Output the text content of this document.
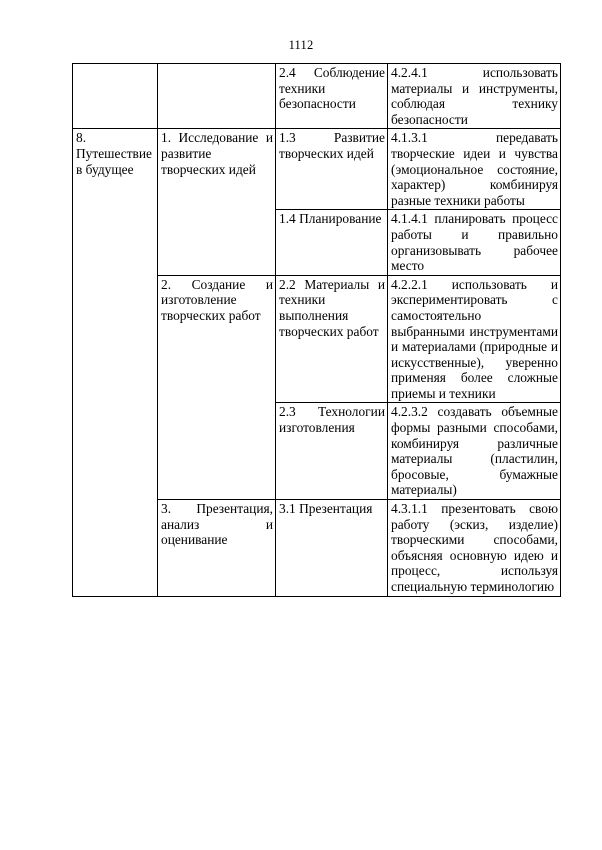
1112
		2.4 Соблюдение техники безопасности	4.2.4.1 использовать материалы и инструменты, соблюдая технику безопасности
8. Путешествие в будущее	1. Исследование и развитие творческих идей	1.3 Развитие творческих идей	4.1.3.1 передавать творческие идеи и чувства (эмоциональное состояние, характер) комбинируя разные техники работы
		1.4 Планирование	4.1.4.1 планировать процесс работы и правильно организовывать рабочее место
	2. Создание и изготовление творческих работ	2.2 Материалы и техники выполнения творческих работ	4.2.2.1 использовать и экспериментировать с самостоятельно выбранными инструментами и материалами (природные и искусственные), уверенно применяя более сложные приемы и техники
		2.3 Технологии изготовления	4.2.3.2 создавать объемные формы разными способами, комбинируя различные материалы (пластилин, бросовые, бумажные материалы)
	3. Презентация, анализ и оценивание	3.1 Презентация	4.3.1.1 презентовать свою работу (эскиз, изделие) творческими способами, объясняя основную идею и процесс, используя специальную терминологию
